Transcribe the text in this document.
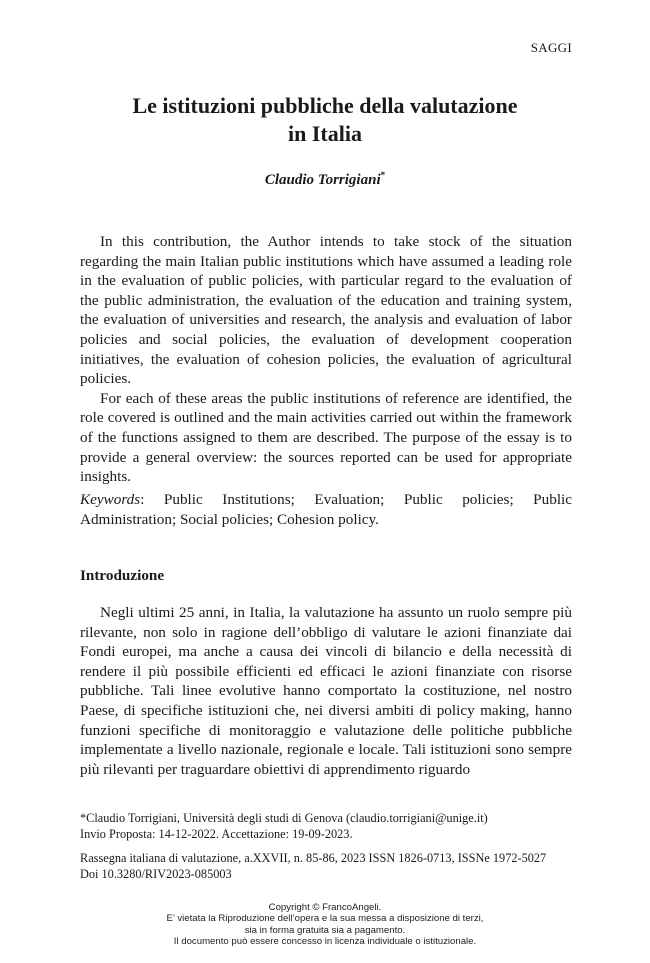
SAGGI
Le istituzioni pubbliche della valutazione
in Italia
Claudio Torrigiani*

In this contribution, the Author intends to take stock of the situation regarding the main Italian public institutions which have assumed a leading role in the evaluation of public policies, with particular regard to the evaluation of the public administration, the evaluation of the education and training system, the evaluation of universities and research, the analysis and evaluation of labor policies and social policies, the evaluation of development cooperation initiatives, the evaluation of cohesion policies, the evaluation of agricultural policies.

For each of these areas the public institutions of reference are identified, the role covered is outlined and the main activities carried out within the framework of the functions assigned to them are described. The purpose of the essay is to provide a general overview: the sources reported can be used for appropriate insights.

Keywords: Public Institutions; Evaluation; Public policies; Public Administration; Social policies; Cohesion policy.

Introduzione

Negli ultimi 25 anni, in Italia, la valutazione ha assunto un ruolo sempre più rilevante, non solo in ragione dell’obbligo di valutare le azioni finanziate dai Fondi europei, ma anche a causa dei vincoli di bilancio e della necessità di rendere il più possibile efficienti ed efficaci le azioni finanziate con risorse pubbliche. Tali linee evolutive hanno comportato la costituzione, nel nostro Paese, di specifiche istituzioni che, nei diversi ambiti di policy making, hanno funzioni specifiche di monitoraggio e valutazione delle politiche pubbliche implementate a livello nazionale, regionale e locale. Tali istituzioni sono sempre più rilevanti per traguardare obiettivi di apprendimento riguardo

*Claudio Torrigiani, Università degli studi di Genova (claudio.torrigiani@unige.it)
Invio Proposta: 14-12-2022. Accettazione: 19-09-2023.
Rassegna italiana di valutazione, a.XXVII, n. 85-86, 2023 ISSN 1826-0713, ISSNe 1972-5027
Doi 10.3280/RIV2023-085003
Copyright © FrancoAngeli.
E’ vietata la Riproduzione dell’opera e la sua messa a disposizione di terzi,
sia in forma gratuita sia a pagamento.
Il documento può essere concesso in licenza individuale o istituzionale.
